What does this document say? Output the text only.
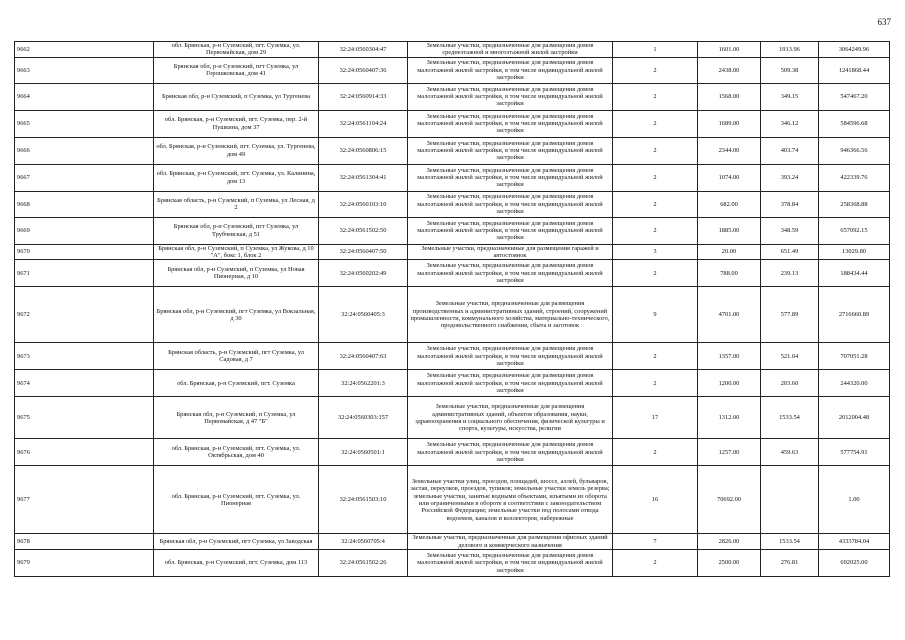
637
9662	обл. Брянская, р-н Суземский, пгт. Суземка, ул. Первомайская, дом 29	32:24:0560304:47	Земельные участки, предназначенные для размещения домов среднеэтажной и многоэтажной жилой застройки	1	1601.00	1913.96	3064249.96
9663	Брянская обл, р-н Суземский, пгт Суземка, ул Горошковская, дом 41	32:24:0560407:36	Земельные участки, предназначенные для размещения домов малоэтажной жилой застройки, в том числе индивидуальной жилой застройки	2	2438.00	509.38	1241868.44
9664	Брянская обл, р-н Суземский, п Суземка, ул Тургенева	32:24:0560914:33	Земельные участки, предназначенные для размещения домов малоэтажной жилой застройки, в том числе индивидуальной жилой застройки	2	1568.00	349.15	547467.20
9665	обл. Брянская, р-н Суземский, пгт. Суземка, пер. 2-й Пушкина, дом 37	32:24:0561104:24	Земельные участки, предназначенные для размещения домов малоэтажной жилой застройки, в том числе индивидуальной жилой застройки	2	1689.00	346.12	584596.68
9666	обл. Брянская, р-н Суземский, пгт. Суземка, ул. Тургенева, дом 49	32:24:0560806:15	Земельные участки, предназначенные для размещения домов малоэтажной жилой застройки, в том числе индивидуальной жилой застройки	2	2344.00	403.74	946366.56
9667	обл. Брянская, р-н Суземский, пгт. Суземка, ул. Калинина, дом 13	32:24:0561304:41	Земельные участки, предназначенные для размещения домов малоэтажной жилой застройки, в том числе индивидуальной жилой застройки	2	1074.00	393.24	422339.76
9668	Брянская область, р-н Суземский, п Суземка, ул Лесная, д 2	32:24:0560103:10	Земельные участки, предназначенные для размещения домов малоэтажной жилой застройки, в том числе индивидуальной жилой застройки	2	682.00	378.84	258368.88
9669	Брянская обл, р-н Суземский, пгт Суземка, ул Трубчевская, д 51	32:24:0561502:50	Земельные участки, предназначенные для размещения домов малоэтажной жилой застройки, в том числе индивидуальной жилой застройки	2	1885.00	348.59	657092.15
9670	Брянская обл, р-н Суземский, п Суземка, ул Жукова, д 10 "А", бокс 1, блок 2	32:24:0560407:50	Земельные участки, предназначенные для размещения гаражей и автостоянок	3	20.00	651.49	13029.80
9671	Брянская обл, р-н Суземский, п Суземка, ул Новая Пионерная, д 10	32:24:0560202:49	Земельные участки, предназначенные для размещения домов малоэтажной жилой застройки, в том числе индивидуальной жилой застройки	2	788.00	239.13	188434.44
9672	Брянская обл, р-н Суземский, пгт Суземка, ул Вокзальная, д 30	32:24:0560405:3	Земельные участки, предназначенные для размещения производственных и административных зданий, строений, сооружений промышленности, коммунального хозяйства, материально-технического, продовольственного снабжения, сбыта и заготовок	9	4701.00	577.89	2716660.89
9673	Брянская область, р-н Суземский, пгт Суземка, ул Садовая, д 7	32:24:0560407:63	Земельные участки, предназначенные для размещения домов малоэтажной жилой застройки, в том числе индивидуальной жилой застройки	2	1357.00	521.04	707051.28
9674	обл. Брянская, р-н Суземский, пгт. Суземка	32:24:0562201:3	Земельные участки, предназначенные для размещения домов малоэтажной жилой застройки, в том числе индивидуальной жилой застройки	2	1200.00	203.60	244320.00
9675	Брянская обл, р-н Суземский, п Суземка, ул Первомайская, д 47 "Б"	32:24:0560303:157	Земельные участки, предназначенные для размещения административных зданий, объектов образования, науки, здравоохранения и социального обеспечения, физической культуры и спорта, культуры, искусства, религии	17	1312.00	1533.54	2012004.48
9676	обл. Брянская, р-н Суземский, пгт. Суземка, ул. Октябрьская, дом 40	32:24:0560501:1	Земельные участки, предназначенные для размещения домов малоэтажной жилой застройки, в том числе индивидуальной жилой застройки	2	1257.00	459.63	577754.91
9677	обл. Брянская, р-н Суземский, пгт. Суземка, ул. Пионерная	32:24:0561503:10	Земельные участки улиц, проездов, площадей, шоссе, аллей, бульваров, застав, переулков, проездов, тупиков; земельные участки земель резерва; земельные участки, занятые водными объектами, изъятыми из оборота или ограниченными в обороте в соответствии с законодательством Российской Федерации; земельные участки под полосами отвода водоемов, каналов и коллекторов, набережные	16	70692.00		1.00
9678	Брянская обл, р-н Суземский, пгт Суземка, ул Заводская	32:24:0560705:4	Земельные участки, предназначенные для размещения офисных зданий делового и коммерческого назначения	7	2826.00	1533.54	4333784.04
9679	обл. Брянская, р-н Суземский, пгт. Суземка, дом 113	32:24:0561502:26	Земельные участки, предназначенные для размещения домов малоэтажной жилой застройки, в том числе индивидуальной жилой застройки	2	2500.00	276.81	692025.00
